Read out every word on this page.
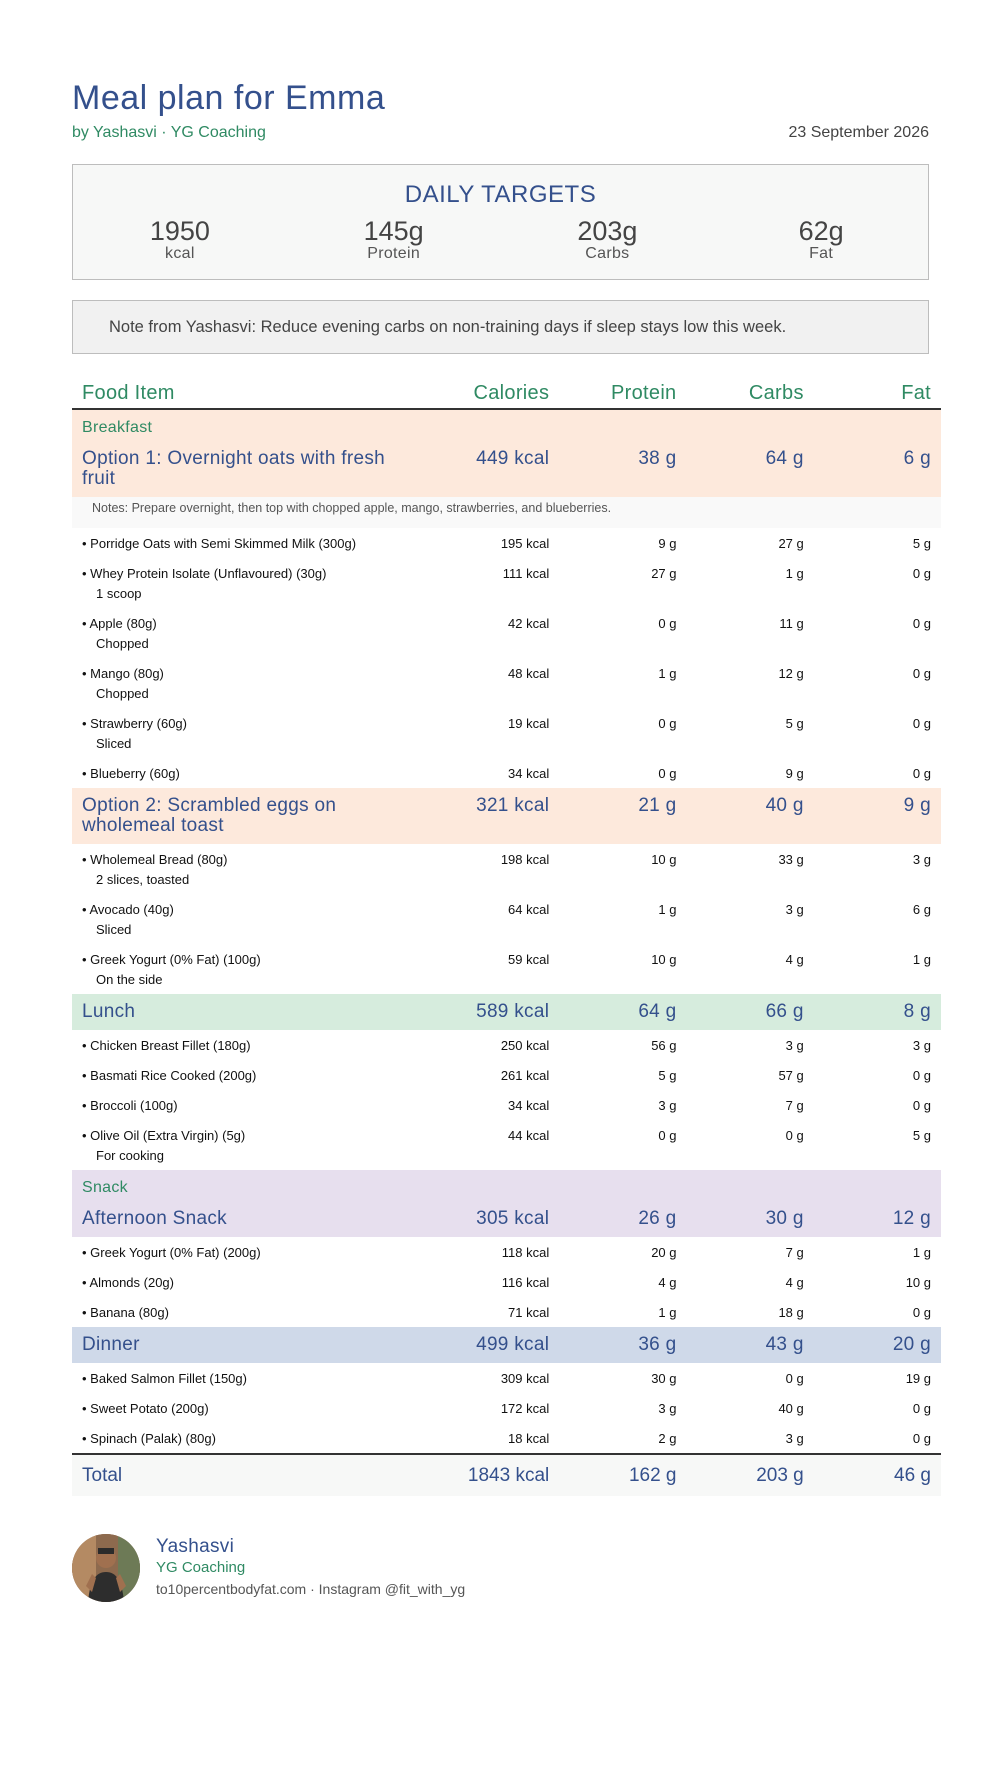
Meal plan for Emma
by Yashasvi · YG Coaching	23 September 2026
DAILY TARGETS
1950
kcal
145g
Protein
203g
Carbs
62g
Fat
Note from Yashasvi: Reduce evening carbs on non-training days if sleep stays low this week.
Food Item	Calories	Protein	Carbs	Fat
Breakfast				
Option 1: Overnight oats with fresh fruit	449 kcal	38 g	64 g	6 g
Notes: Prepare overnight, then top with chopped apple, mango, strawberries, and blueberries.				
• Porridge Oats with Semi Skimmed Milk (300g)	195 kcal	9 g	27 g	5 g
• Whey Protein Isolate (Unflavoured) (30g)
1 scoop	111 kcal	27 g	1 g	0 g
• Apple (80g)
Chopped	42 kcal	0 g	11 g	0 g
• Mango (80g)
Chopped	48 kcal	1 g	12 g	0 g
• Strawberry (60g)
Sliced	19 kcal	0 g	5 g	0 g
• Blueberry (60g)	34 kcal	0 g	9 g	0 g
Option 2: Scrambled eggs on wholemeal toast	321 kcal	21 g	40 g	9 g
• Wholemeal Bread (80g)
2 slices, toasted	198 kcal	10 g	33 g	3 g
• Avocado (40g)
Sliced	64 kcal	1 g	3 g	6 g
• Greek Yogurt (0% Fat) (100g)
On the side	59 kcal	10 g	4 g	1 g
Lunch	589 kcal	64 g	66 g	8 g
• Chicken Breast Fillet (180g)	250 kcal	56 g	3 g	3 g
• Basmati Rice Cooked (200g)	261 kcal	5 g	57 g	0 g
• Broccoli (100g)	34 kcal	3 g	7 g	0 g
• Olive Oil (Extra Virgin) (5g)
For cooking	44 kcal	0 g	0 g	5 g
Snack				
Afternoon Snack	305 kcal	26 g	30 g	12 g
• Greek Yogurt (0% Fat) (200g)	118 kcal	20 g	7 g	1 g
• Almonds (20g)	116 kcal	4 g	4 g	10 g
• Banana (80g)	71 kcal	1 g	18 g	0 g
Dinner	499 kcal	36 g	43 g	20 g
• Baked Salmon Fillet (150g)	309 kcal	30 g	0 g	19 g
• Sweet Potato (200g)	172 kcal	3 g	40 g	0 g
• Spinach (Palak) (80g)	18 kcal	2 g	3 g	0 g
Total	1843 kcal	162 g	203 g	46 g
Yashasvi
YG Coaching
to10percentbodyfat.com · Instagram @fit_with_yg
